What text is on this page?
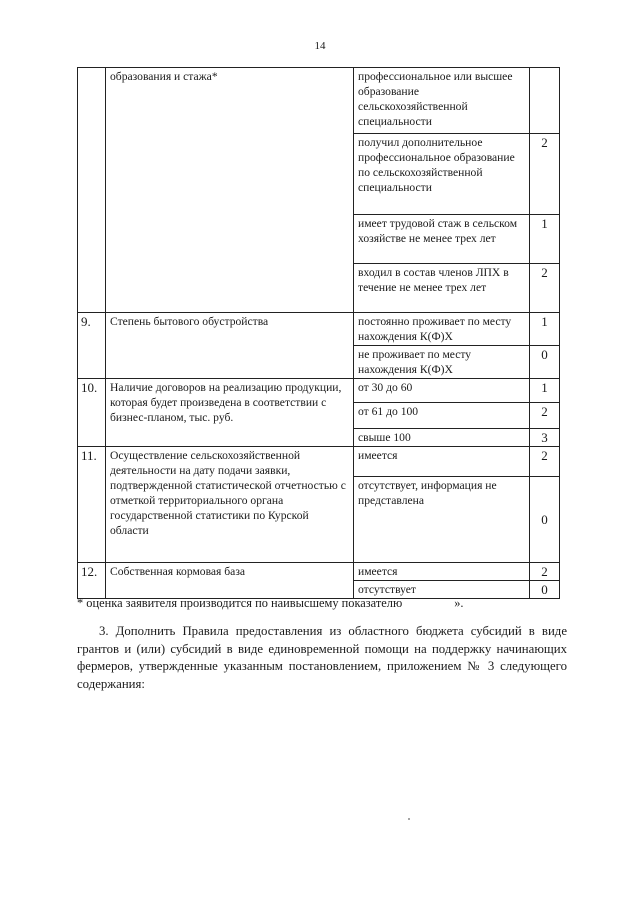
14
	образования и стажа*	профессиональное или высшее образование сельскохозяйственной специальности	
		получил дополнительное профессиональное образование по сельскохозяйственной специальности	2
		имеет трудовой стаж в сельском хозяйстве не менее трех лет	1
		входил в состав членов ЛПХ в течение не менее трех лет	2
9.	Степень бытового обустройства	постоянно проживает по месту нахождения К(Ф)Х	1
		не проживает по месту нахождения К(Ф)Х	0
10.	Наличие договоров на реализацию продукции, которая будет произведена в соответствии с бизнес-планом, тыс. руб.	от 30 до 60	1
		от 61 до 100	2
		свыше 100	3
11.	Осуществление сельскохозяйственной деятельности на дату подачи заявки, подтвержденной статистической отчетностью с отметкой территориального органа государственной статистики по Курской области	имеется	2
		отсутствует, информация не представлена	0
12.	Собственная кормовая база	имеется	2
		отсутствует	0
* оценка заявителя производится по наивысшему показателю	».
3. Дополнить Правила предоставления из областного бюджета субсидий в виде грантов и (или) субсидий в виде единовременной помощи на поддержку начинающих фермеров, утвержденные указанным постановлением, приложением № 3 следующего содержания:
